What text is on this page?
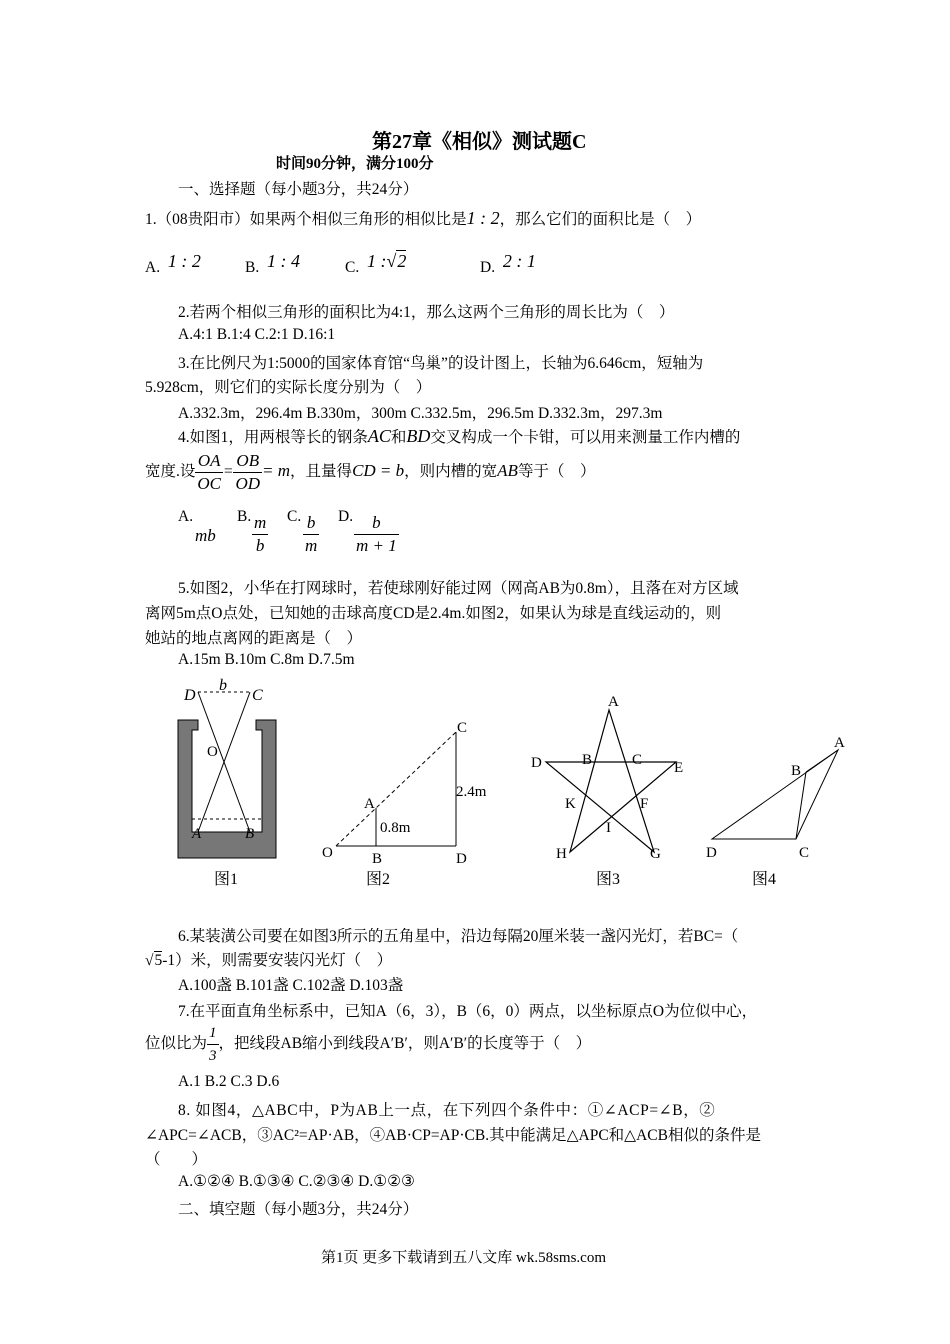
第27章《相似》测试题C
时间90分钟，满分100分
一、选择题（每小题3分，共24分）
1.（08贵阳市）如果两个相似三角形的相似比是1 : 2，那么它们的面积比是（　）
A. 1 : 2	B. 1 : 4	C. 1 :√2	D. 2 : 1
2.若两个相似三角形的面积比为4:1，那么这两个三角形的周长比为（　）
A.4:1 B.1:4 C.2:1 D.16:1
3.在比例尺为1:5000的国家体育馆“鸟巢”的设计图上，长轴为6.646cm，短轴为
5.928cm，则它们的实际长度分别为（　）
A.332.3m，296.4m B.330m，300m C.332.5m，296.5m D.332.3m，297.3m
4.如图1，用两根等长的钢条AC和BD交叉构成一个卡钳，可以用来测量工作内槽的
宽度.设 $\frac{OA}{OC} = \frac{OB}{OD} = m$，且量得CD = b，则内槽的宽AB等于（　）
A.
mb
B. $\frac{m}{b} C$. $\frac{b}{m} D$. $\frac{b}{m + 1}$
5.如图2，小华在打网球时，若使球刚好能过网（网高AB为0.8m），且落在对方区域
离网5m点O点处，已知她的击球高度CD是2.4m.如图2，如果认为球是直线运动的，则
她站的地点离网的距离是（　）
A.15m B.10m C.8m D.7.5m
D
b
C
O
A	B
图1
C
2.4m
A
0.8m
O	B	D
图2
A
D	B	C E
K	F
I
H	G
图3
A
B
D	C
图4
6.某装潢公司要在如图3所示的五角星中，沿边每隔20厘米装一盏闪光灯，若BC=（
√5-1）米，则需要安装闪光灯（　）
A.100盏 B.101盏 C.102盏 D.103盏
7.在平面直角坐标系中，已知A（6，3），B（6，0）两点，以坐标原点O为位似中心，
位似比为 $\frac{1}{3}$ ，把线段AB缩小到线段A′B′，则A′B′的长度等于（　）
A.1 B.2 C.3 D.6
8. 如图4，△ABC中，P为AB上一点，在下列四个条件中：①∠ACP=∠B，②
∠APC=∠ACB，③AC²=AP·AB，④AB·CP=AP·CB.其中能满足△APC和△ACB相似的条件是
（　　）
A.①②④ B.①③④ C.②③④ D.①②③
二、填空题（每小题3分，共24分）
第1页 更多下载请到五八文库 wk.58sms.com
